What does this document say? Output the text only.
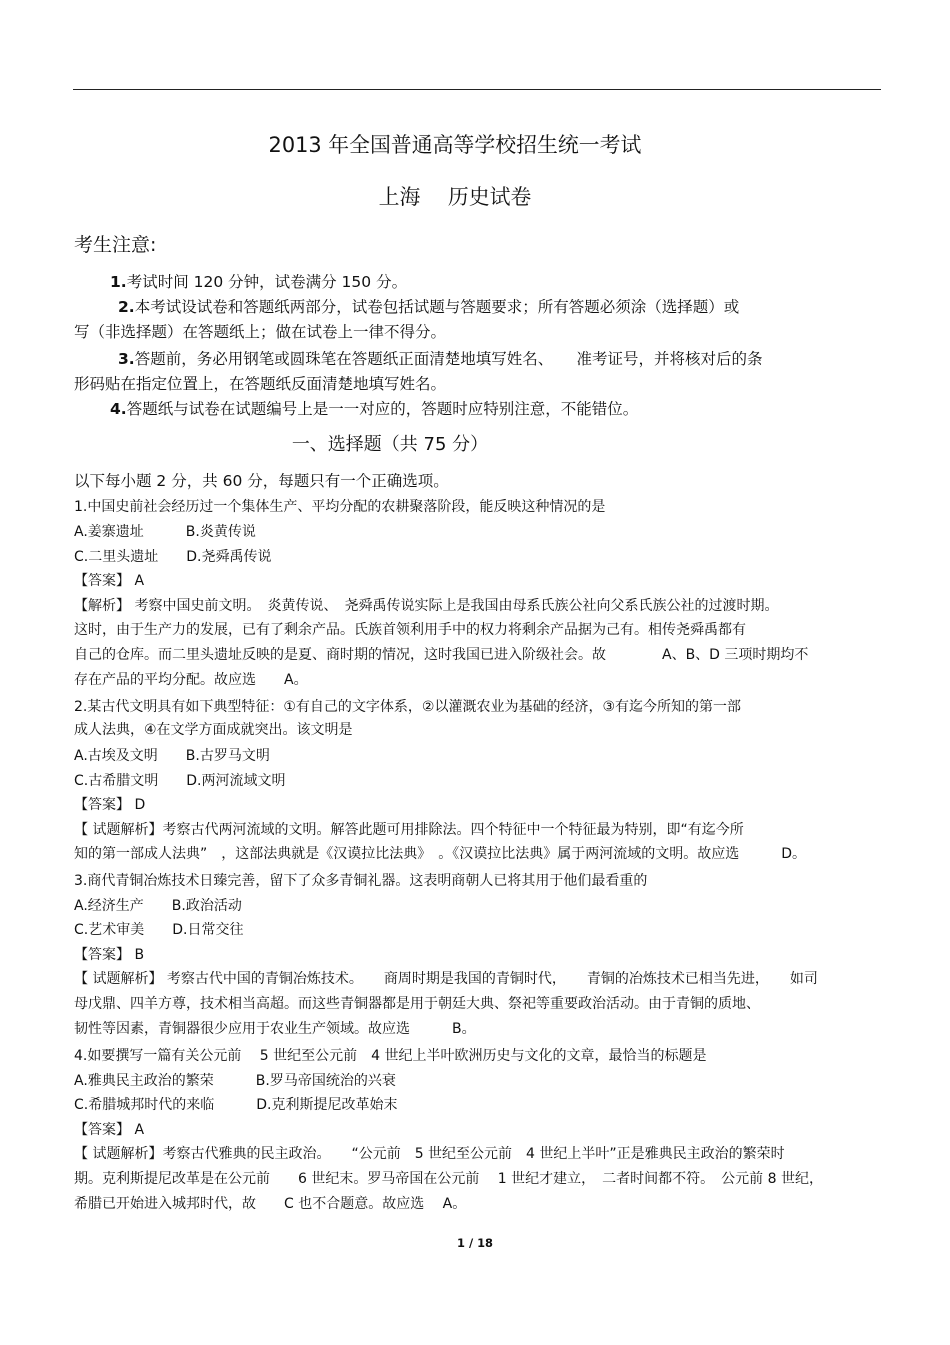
2013 年全国普通高等学校招生统一考试
上海　 历史试卷
考生注意:
1.考试时间 120 分钟，试卷满分 150 分。
2.本考试设试卷和答题纸两部分，试卷包括试题与答题要求；所有答题必须涂（选择题）或
写（非选择题）在答题纸上；做在试卷上一律不得分。
3.答题前，务必用钢笔或圆珠笔在答题纸正面清楚地填写姓名、　　准考证号，并将核对后的条
形码贴在指定位置上，在答题纸反面清楚地填写姓名。
4.答题纸与试卷在试题编号上是一一对应的，答题时应特别注意，不能错位。
一、选择题（共 75 分）
以下每小题 2 分，共 60 分，每题只有一个正确选项。
1.中国史前社会经历过一个集体生产、平均分配的农耕聚落阶段，能反映这种情况的是
A.姜寨遗址　　　B.炎黄传说
C.二里头遗址　　D.尧舜禹传说
【答案】 A
【解析】 考察中国史前文明。　炎黄传说、　尧舜禹传说实际上是我国由母系氏族公社向父系氏族公社的过渡时期。
这时，由于生产力的发展，已有了剩余产品。氏族首领利用手中的权力将剩余产品据为己有。相传尧舜禹都有
自己的仓库。而二里头遗址反映的是夏、商时期的情况，这时我国已进入阶级社会。故　　　　A、B、D 三项时期均不
存在产品的平均分配。故应选　　A。
2.某古代文明具有如下典型特征：①有自己的文字体系，②以灌溉农业为基础的经济，③有迄今所知的第一部
成人法典，④在文学方面成就突出。该文明是
A.古埃及文明　　B.古罗马文明
C.古希腊文明　　D.两河流域文明
【答案】 D
【 试题解析】考察古代两河流域的文明。解答此题可用排除法。四个特征中一个特征最为特别，即“有迄今所
知的第一部成人法典”　，这部法典就是《汉谟拉比法典》　。《汉谟拉比法典》属于两河流域的文明。故应选　　　D。
3.商代青铜冶炼技术日臻完善，留下了众多青铜礼器。这表明商朝人已将其用于他们最看重的
A.经济生产　　B.政治活动
C.艺术审美　　D.日常交往
【答案】 B
【 试题解析】 考察古代中国的青铜冶炼技术。　　商周时期是我国的青铜时代，　　青铜的冶炼技术已相当先进，　　如司
母戊鼎、四羊方尊，技术相当高超。而这些青铜器都是用于朝廷大典、祭祀等重要政治活动。由于青铜的质地、
韧性等因素，青铜器很少应用于农业生产领域。故应选　　　B。
4.如要撰写一篇有关公元前　 5 世纪至公元前　4 世纪上半叶欧洲历史与文化的文章，最恰当的标题是
A.雅典民主政治的繁荣　　　B.罗马帝国统治的兴衰
C.希腊城邦时代的来临　　　D.克利斯提尼改革始末
【答案】 A
【 试题解析】考察古代雅典的民主政治。　　“公元前　5 世纪至公元前　4 世纪上半叶”正是雅典民主政治的繁荣时
期。克利斯提尼改革是在公元前　　6 世纪末。罗马帝国在公元前　 1 世纪才建立，　二者时间都不符。　公元前 8 世纪，
希腊已开始进入城邦时代，故　　C 也不合题意。故应选　 A。
1 / 18
